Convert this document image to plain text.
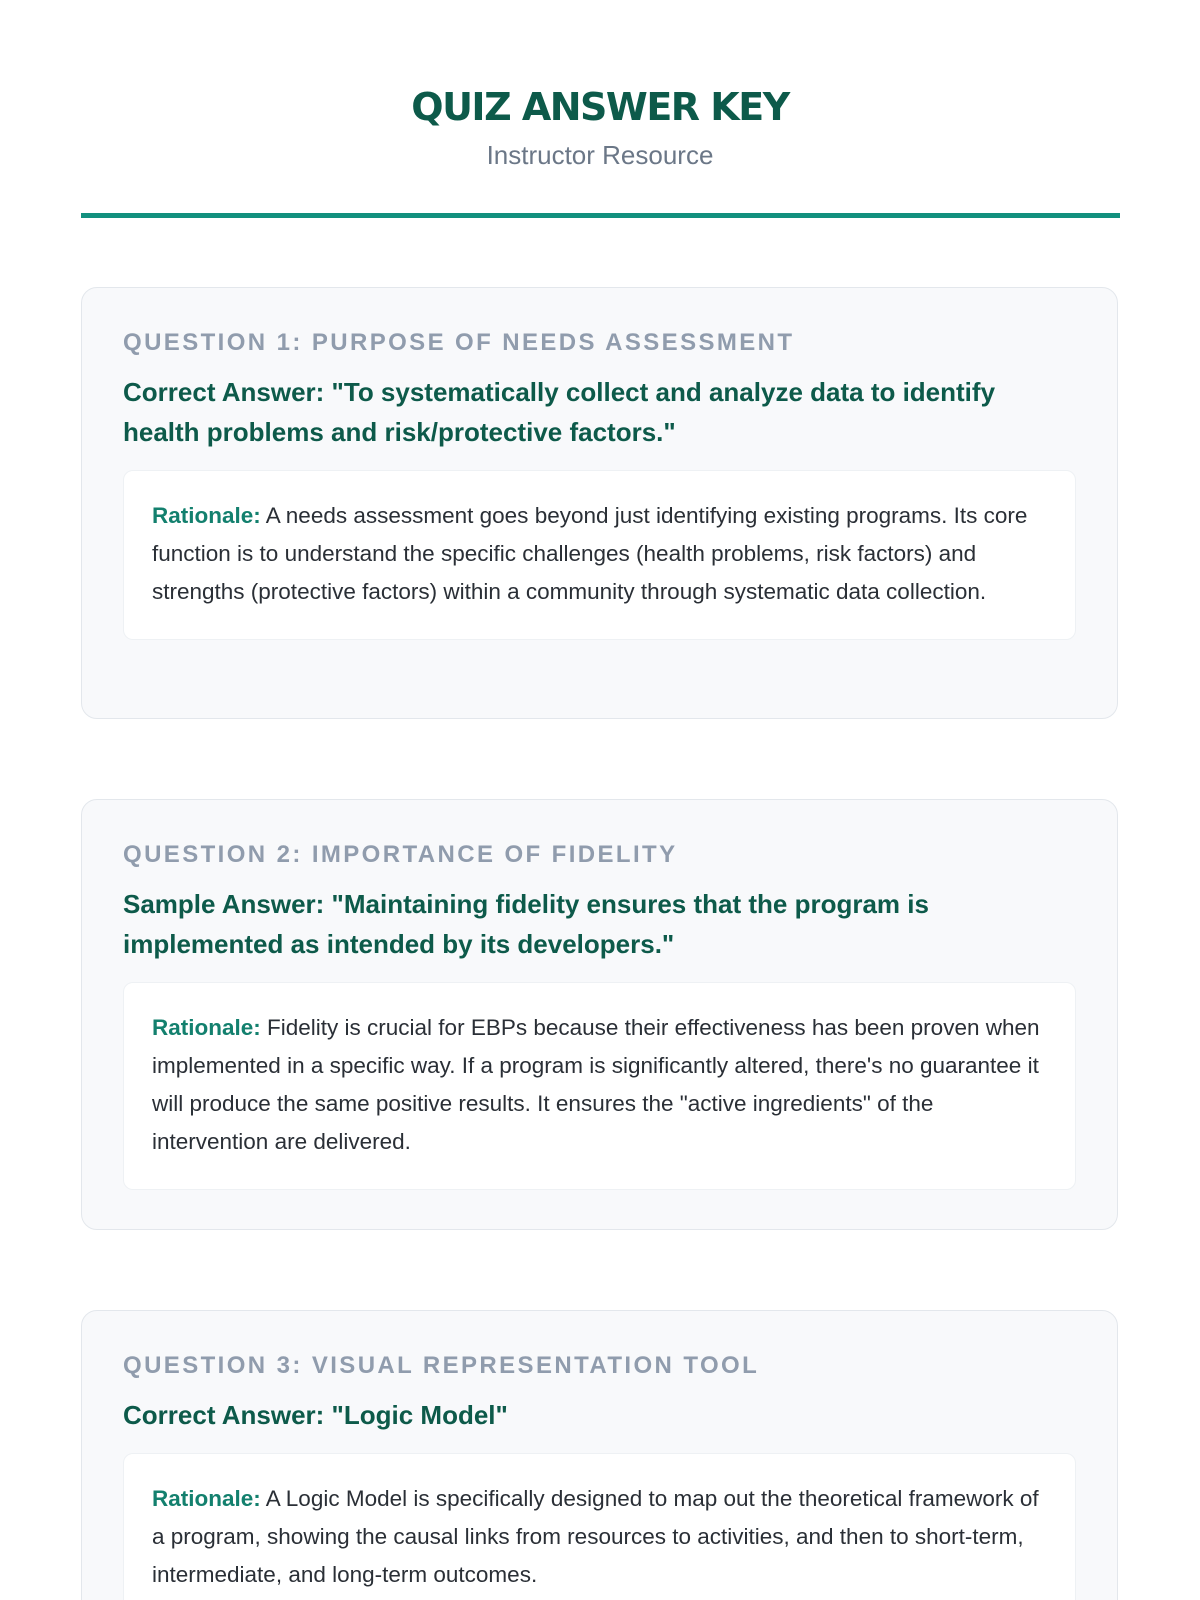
QUIZ ANSWER KEY
Instructor Resource
QUESTION 1: PURPOSE OF NEEDS ASSESSMENT

Correct Answer: "To systematically collect and analyze data to identify health problems and risk/protective factors."

Rationale: A needs assessment goes beyond just identifying existing programs. Its core function is to understand the specific challenges (health problems, risk factors) and strengths (protective factors) within a community through systematic data collection.
QUESTION 2: IMPORTANCE OF FIDELITY

Sample Answer: "Maintaining fidelity ensures that the program is implemented as intended by its developers."

Rationale: Fidelity is crucial for EBPs because their effectiveness has been proven when implemented in a specific way. If a program is significantly altered, there's no guarantee it will produce the same positive results. It ensures the "active ingredients" of the intervention are delivered.
QUESTION 3: VISUAL REPRESENTATION TOOL

Correct Answer: "Logic Model"

Rationale: A Logic Model is specifically designed to map out the theoretical framework of a program, showing the causal links from resources to activities, and then to short-term, intermediate, and long-term outcomes.
